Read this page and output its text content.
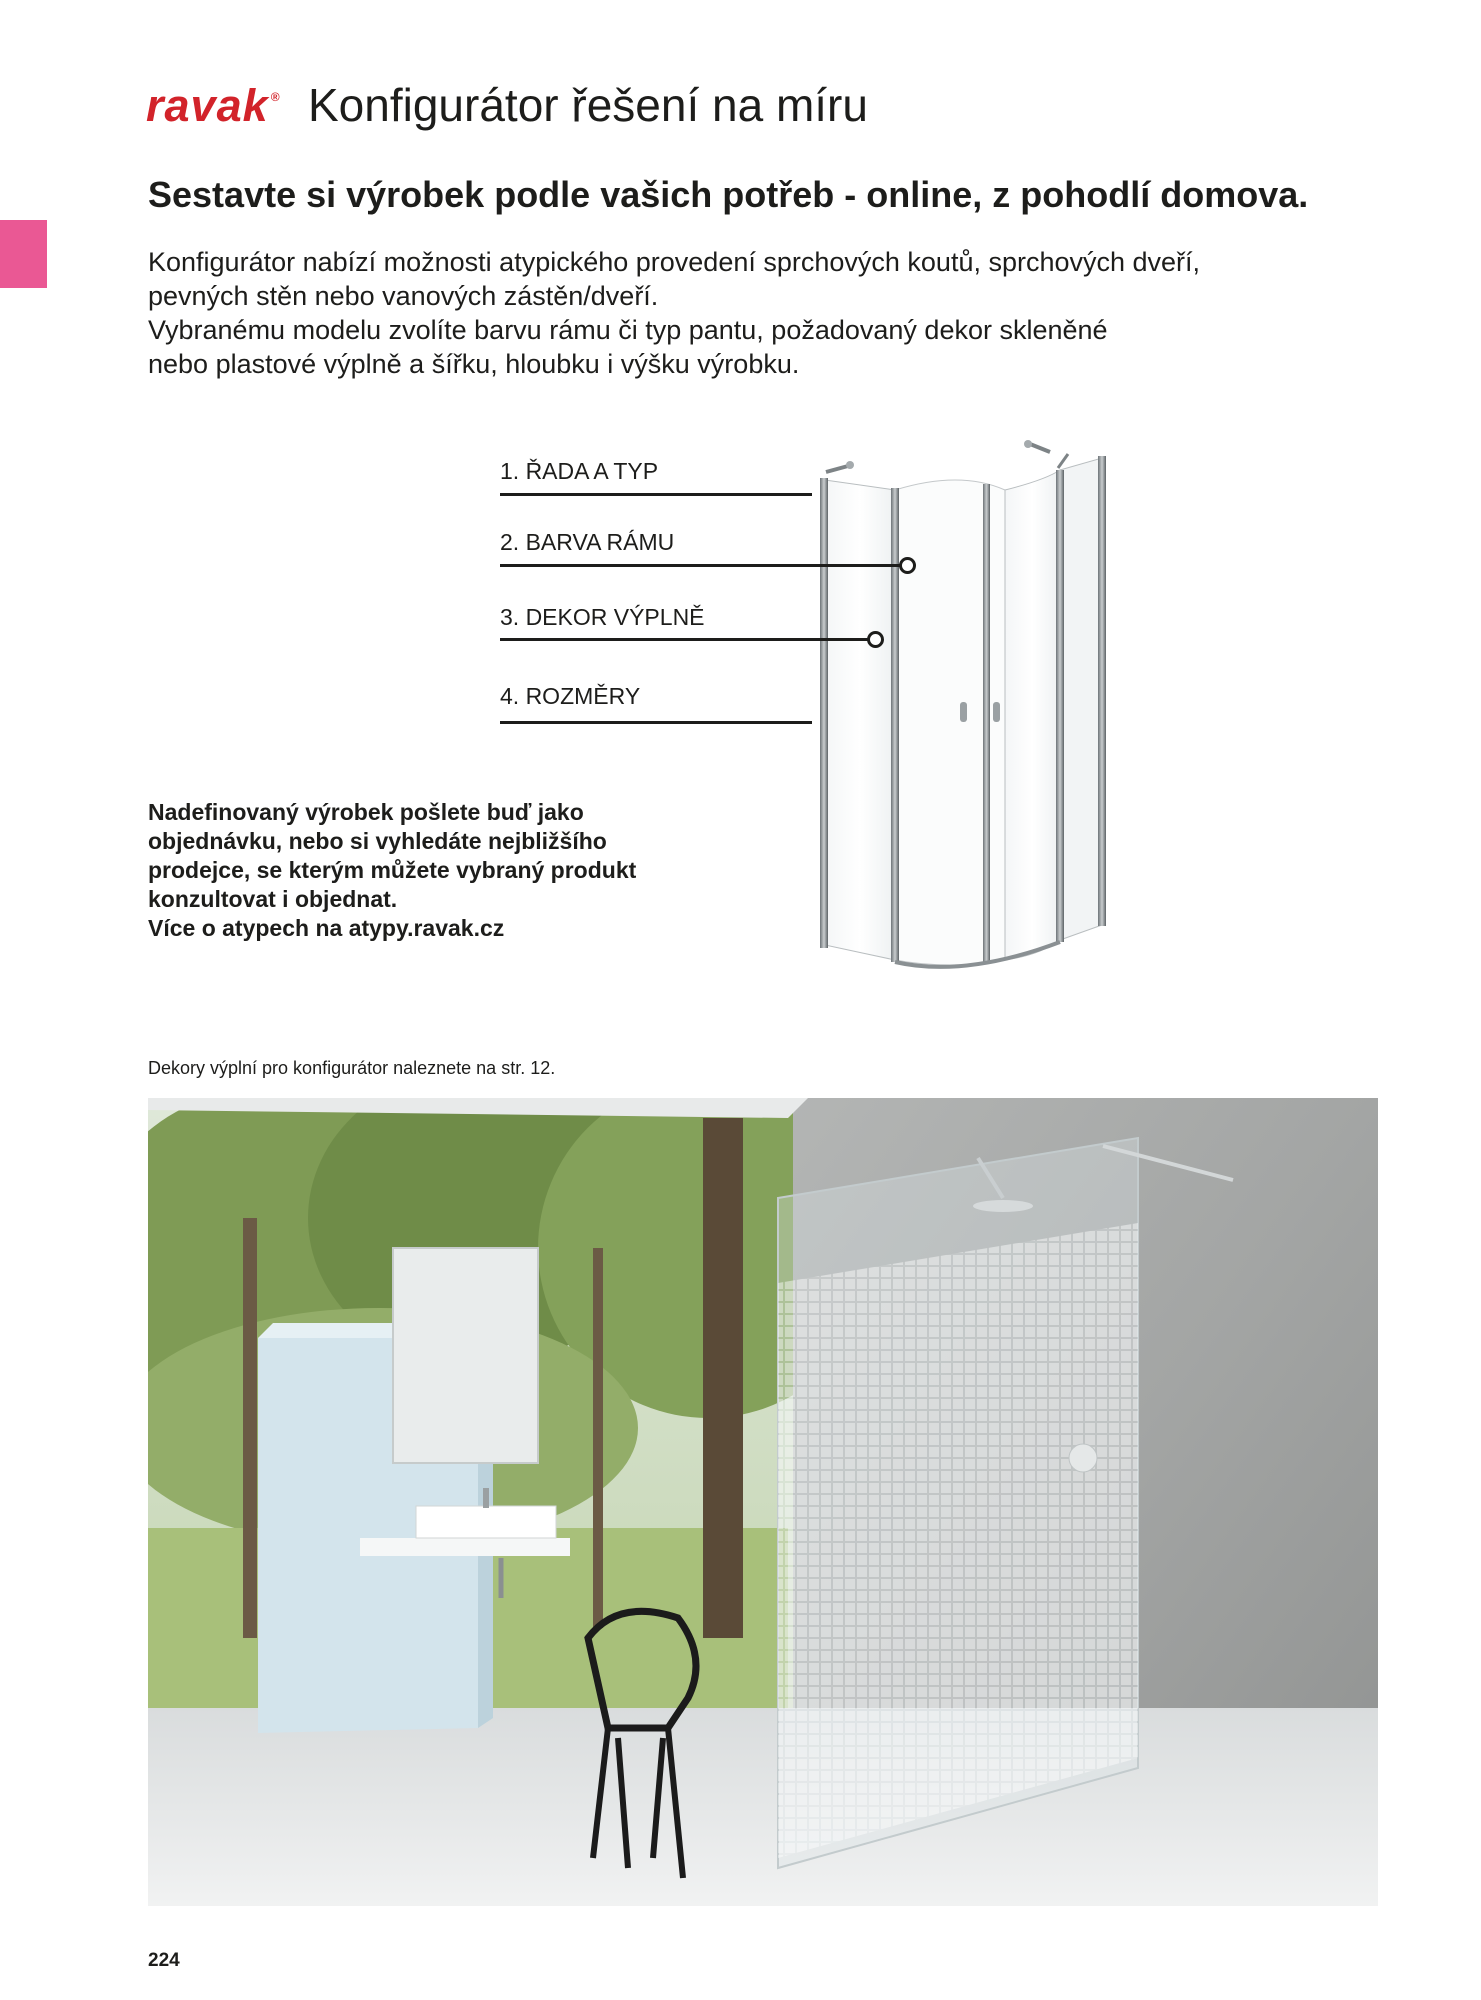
ravak ® Konfigurátor řešení na míru
Sestavte si výrobek podle vašich potřeb - online, z pohodlí domova.

Konfigurátor nabízí možnosti atypického provedení sprchových koutů, sprchových dveří,

pevných stěn nebo vanových zástěn/dveří.

Vybranému modelu zvolíte barvu rámu či typ pantu, požadovaný dekor skleněné

nebo plastové výplně a šířku, hloubku i výšku výrobku.

1. ŘADA A TYP
2. BARVA RÁMU
3. DEKOR VÝPLNĚ
4. ROZMĚRY

Nadefinovaný výrobek pošlete buď jako

objednávku, nebo si vyhledáte nejbližšího

prodejce, se kterým můžete vybraný produkt

konzultovat i objednat.

Více o atypech na atypy.ravak.cz

Dekory výplní pro konfigurátor naleznete na str. 12.
224
